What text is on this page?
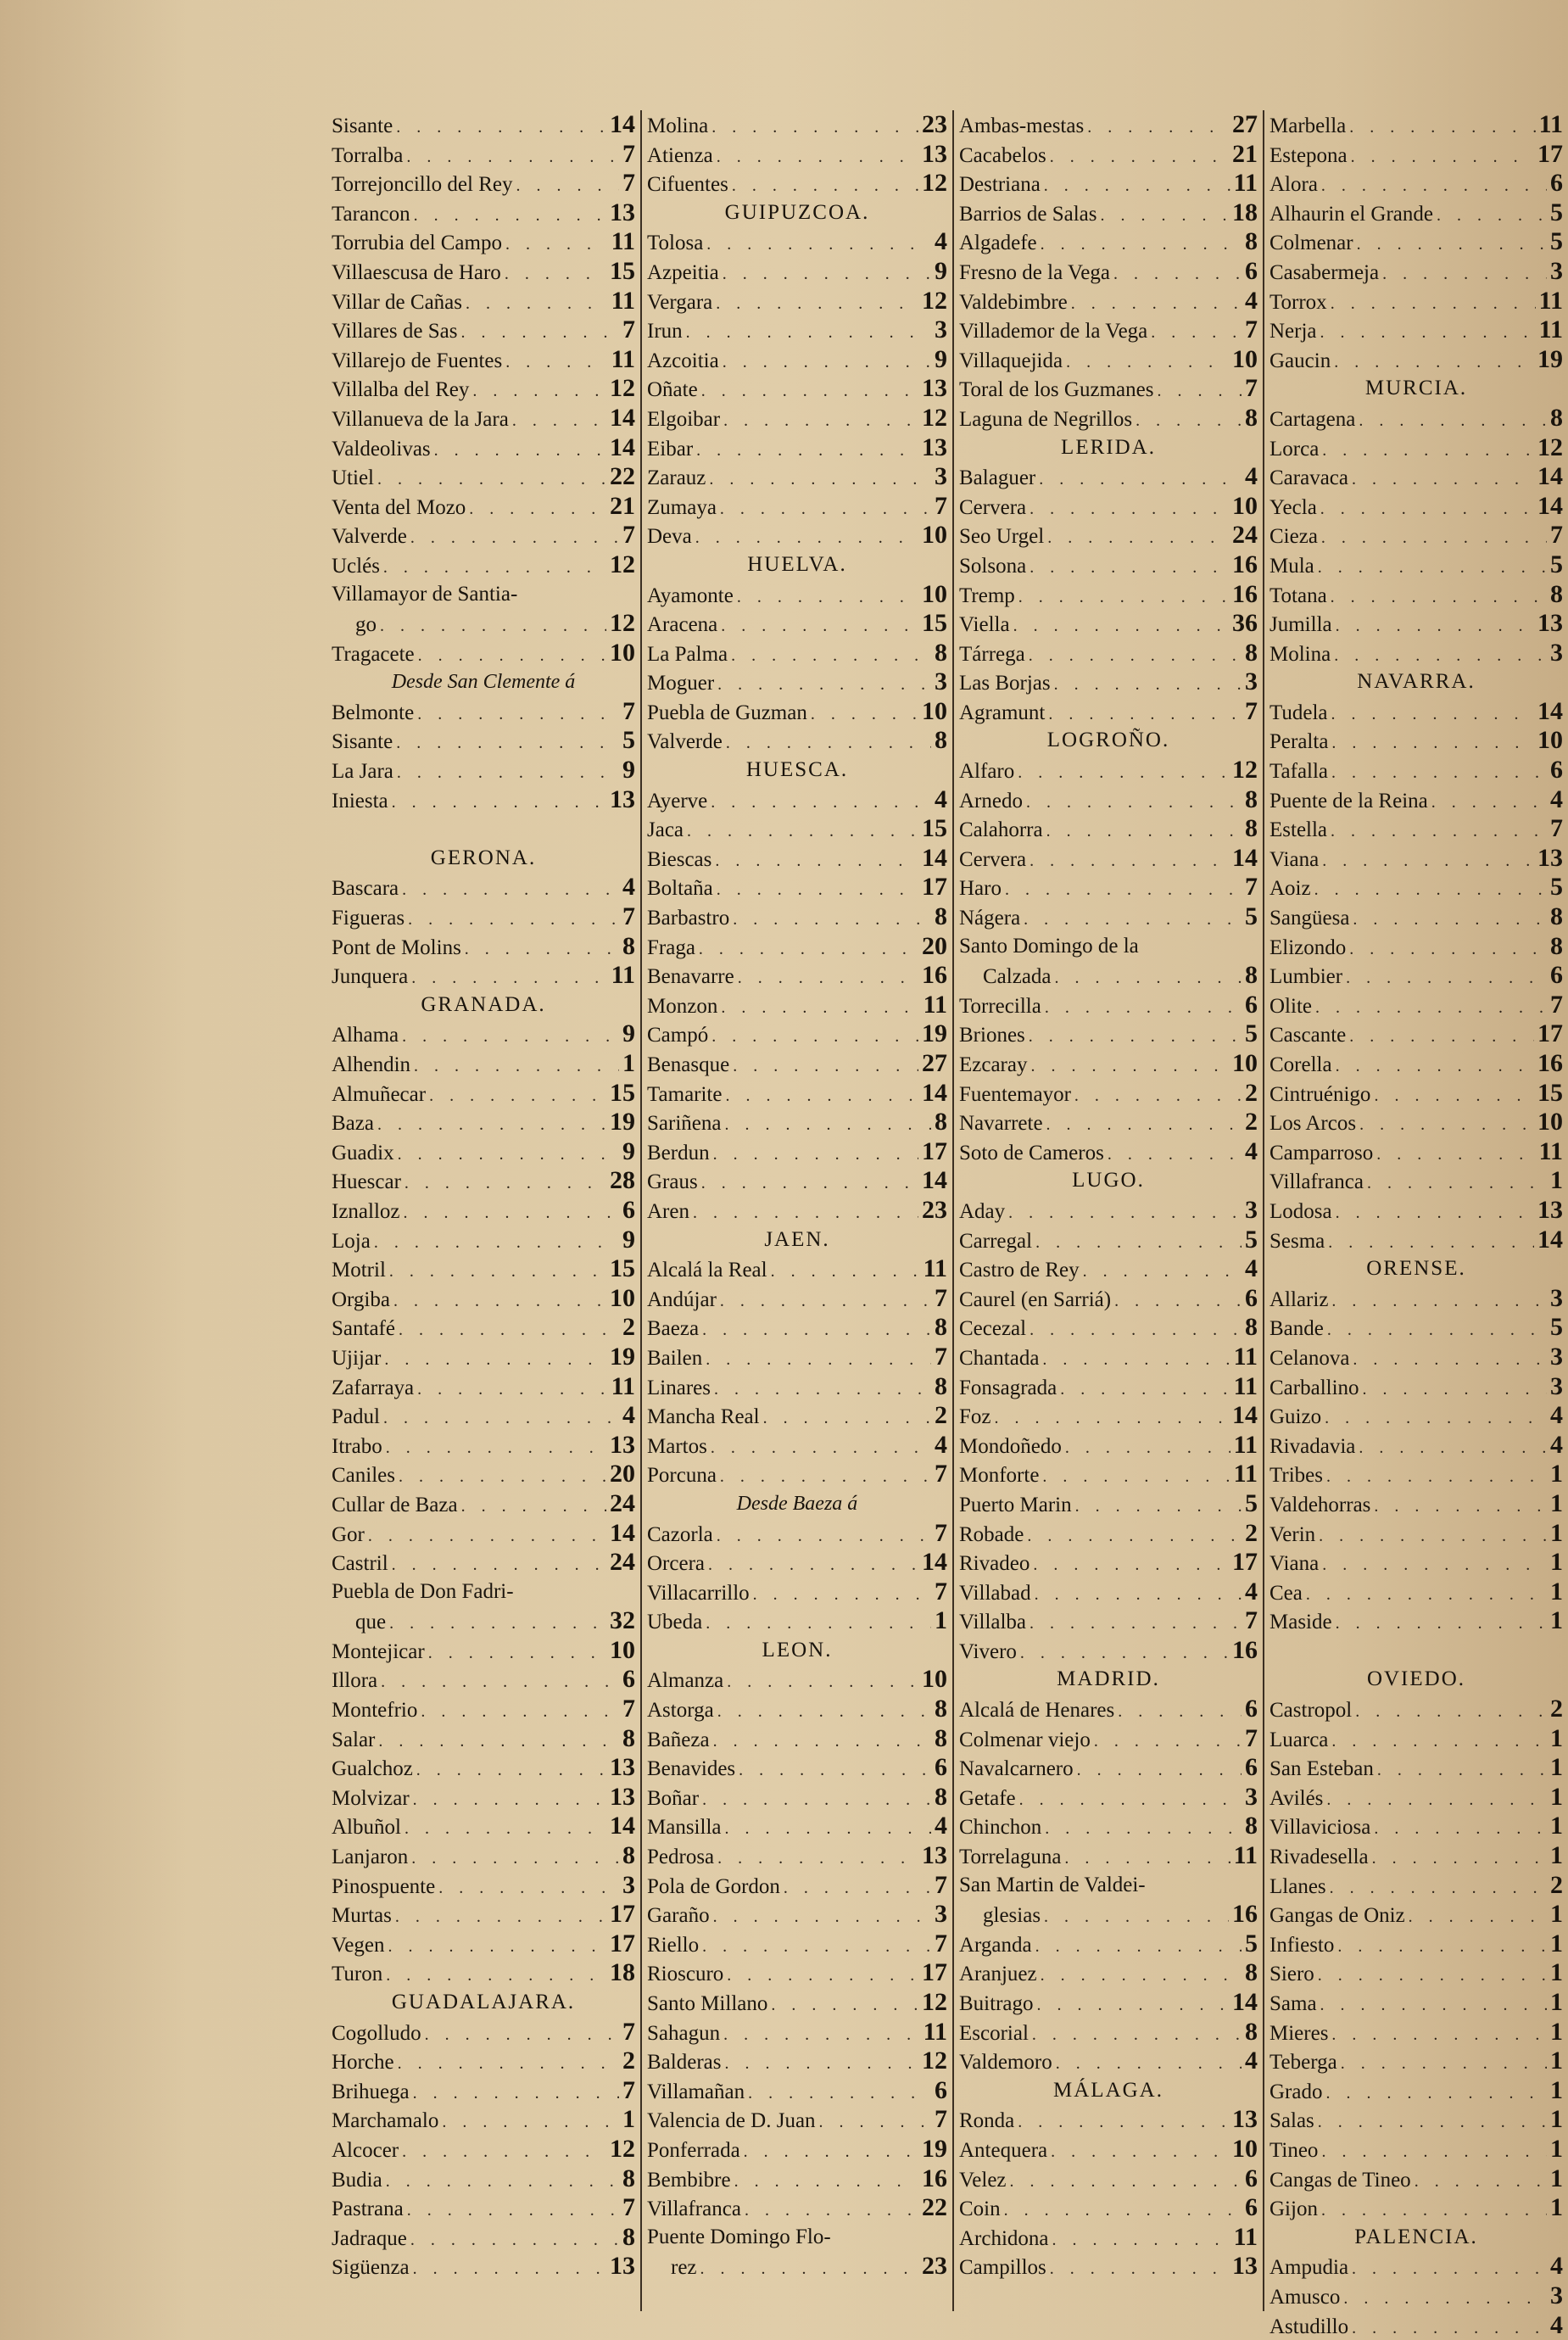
Sisante . . .	14
Torralba . . .	7
Torrejoncillo del Rey . . .	7
Tarancon . . .	13
Torrubia del Campo . . .	11
Villaescusa de Haro . . .	15
Villar de Cañas . . .	11
Villares de Sas . . .	7
Villarejo de Fuentes . . .	11
Villalba del Rey . . .	12
Villanueva de la Jara . . .	14
Valdeolivas . . .	14
Utiel . . .	22
Venta del Mozo . . .	21
Valverde . . .	7
Uclés . . .	12
Villamayor de Santia-
go . . .	12
Tragacete . . .	10
Desde San Clemente á
Belmonte . . .	7
Sisante . . .	5
La Jara . . .	9
Iniesta . . .	13
GERONA.
Bascara . . .	4
Figueras . . .	7
Pont de Molins . . .	8
Junquera . . .	11
GRANADA.
Alhama . . .	9
Alhendin . . .	1
Almuñecar . . .	15
Baza . . .	19
Guadix . . .	9
Huescar . . .	28
Iznalloz . . .	6
Loja . . .	9
Motril . . .	15
Orgiba . . .	10
Santafé . . .	2
Ujijar . . .	19
Zafarraya . . .	11
Padul . . .	4
Itrabo . . .	13
Caniles . . .	20
Cullar de Baza . . .	24
Gor . . .	14
Castril . . .	24
Puebla de Don Fadri-
que . . .	32
Montejicar . . .	10
Illora . . .	6
Montefrio . . .	7
Salar . . .	8
Gualchoz . . .	13
Molvizar . . .	13
Albuñol . . .	14
Lanjaron . . .	8
Pinospuente . . .	3
Murtas . . .	17
Vegen . . .	17
Turon . . .	18
GUADALAJARA.
Cogolludo . . .	7
Horche . . .	2
Brihuega . . .	7
Marchamalo . . .	1
Alcocer . . .	12
Budia . . .	8
Pastrana . . .	7
Jadraque . . .	8
Sigüenza . . .	13
Molina . . .	23
Atienza . . .	13
Cifuentes . . .	12
GUIPUZCOA.
Tolosa . . .	4
Azpeitia . . .	9
Vergara . . .	12
Irun . . .	3
Azcoitia . . .	9
Oñate . . .	13
Elgoibar . . .	12
Eibar . . .	13
Zarauz . . .	3
Zumaya . . .	7
Deva . . .	10
HUELVA.
Ayamonte . . .	10
Aracena . . .	15
La Palma . . .	8
Moguer . . .	3
Puebla de Guzman . . .	10
Valverde . . .	8
HUESCA.
Ayerve . . .	4
Jaca . . .	15
Biescas . . .	14
Boltaña . . .	17
Barbastro . . .	8
Fraga . . .	20
Benavarre . . .	16
Monzon . . .	11
Campó . . .	19
Benasque . . .	27
Tamarite . . .	14
Sariñena . . .	8
Berdun . . .	17
Graus . . .	14
Aren . . .	23
JAEN.
Alcalá la Real . . .	11
Andújar . . .	7
Baeza . . .	8
Bailen . . .	7
Linares . . .	8
Mancha Real . . .	2
Martos . . .	4
Porcuna . . .	7
Desde Baeza á
Cazorla . . .	7
Orcera . . .	14
Villacarrillo . . .	7
Ubeda . . .	1
LEON.
Almanza . . .	10
Astorga . . .	8
Bañeza . . .	8
Benavides . . .	6
Boñar . . .	8
Mansilla . . .	4
Pedrosa . . .	13
Pola de Gordon . . .	7
Garaño . . .	3
Riello . . .	7
Rioscuro . . .	17
Santo Millano . . .	12
Sahagun . . .	11
Balderas . . .	12
Villamañan . . .	6
Valencia de D. Juan . . .	7
Ponferrada . . .	19
Bembibre . . .	16
Villafranca . . .	22
Puente Domingo Flo-
rez . . .	23
Ambas-mestas . . .	27
Cacabelos . . .	21
Destriana . . .	11
Barrios de Salas . . .	18
Algadefe . . .	8
Fresno de la Vega . . .	6
Valdebimbre . . .	4
Villademor de la Vega . . .	7
Villaquejida . . .	10
Toral de los Guzmanes . . .	7
Laguna de Negrillos . . .	8
LERIDA.
Balaguer . . .	4
Cervera . . .	10
Seo Urgel . . .	24
Solsona . . .	16
Tremp . . .	16
Viella . . .	36
Tárrega . . .	8
Las Borjas . . .	3
Agramunt . . .	7
LOGROÑO.
Alfaro . . .	12
Arnedo . . .	8
Calahorra . . .	8
Cervera . . .	14
Haro . . .	7
Nágera . . .	5
Santo Domingo de la
Calzada . . .	8
Torrecilla . . .	6
Briones . . .	5
Ezcaray . . .	10
Fuentemayor . . .	2
Navarrete . . .	2
Soto de Cameros . . .	4
LUGO.
Aday . . .	3
Carregal . . .	5
Castro de Rey . . .	4
Caurel (en Sarriá) . . .	6
Cecezal . . .	8
Chantada . . .	11
Fonsagrada . . .	11
Foz . . .	14
Mondoñedo . . .	11
Monforte . . .	11
Puerto Marin . . .	5
Robade . . .	2
Rivadeo . . .	17
Villabad . . .	4
Villalba . . .	7
Vivero . . .	16
MADRID.
Alcalá de Henares . . .	6
Colmenar viejo . . .	7
Navalcarnero . . .	6
Getafe . . .	3
Chinchon . . .	8
Torrelaguna . . .	11
San Martin de Valdei-
glesias . . .	16
Arganda . . .	5
Aranjuez . . .	8
Buitrago . . .	14
Escorial . . .	8
Valdemoro . . .	4
MÁLAGA.
Ronda . . .	13
Antequera . . .	10
Velez . . .	6
Coin . . .	6
Archidona . . .	11
Campillos . . .	13
Marbella . . .	11
Estepona . . .	17
Alora . . .	6
Alhaurin el Grande . . .	5
Colmenar . . .	5
Casabermeja . . .	3
Torrox . . .	11
Nerja . . .	11
Gaucin . . .	19
MURCIA.
Cartagena . . .	8
Lorca . . .	12
Caravaca . . .	14
Yecla . . .	14
Cieza . . .	7
Mula . . .	5
Totana . . .	8
Jumilla . . .	13
Molina . . .	3
NAVARRA.
Tudela . . .	14
Peralta . . .	10
Tafalla . . .	6
Puente de la Reina . . .	4
Estella . . .	7
Viana . . .	13
Aoiz . . .	5
Sangüesa . . .	8
Elizondo . . .	8
Lumbier . . .	6
Olite . . .	7
Cascante . . .	17
Corella . . .	16
Cintruénigo . . .	15
Los Arcos . . .	10
Camparroso . . .	11
Villafranca . . .	1
Lodosa . . .	13
Sesma . . .	14
ORENSE.
Allariz . . .	3
Bande . . .	5
Celanova . . .	3
Carballino . . .	3
Guizo . . .	4
Rivadavia . . .	4
Tribes . . .	1
Valdehorras . . .	1
Verin . . .	1
Viana . . .	1
Cea . . .	1
Maside . . .	1
OVIEDO.
Castropol . . .	2
Luarca . . .	1
San Esteban . . .	1
Avilés . . .	1
Villaviciosa . . .	1
Rivadesella . . .	1
Llanes . . .	2
Gangas de Oniz . . .	1
Infiesto . . .	1
Siero . . .	1
Sama . . .	1
Mieres . . .	1
Teberga . . .	1
Grado . . .	1
Salas . . .	1
Tineo . . .	1
Cangas de Tineo . . .	1
Gijon . . .	1
PALENCIA.
Ampudia . . .	4
Amusco . . .	3
Astudillo . . .	4
